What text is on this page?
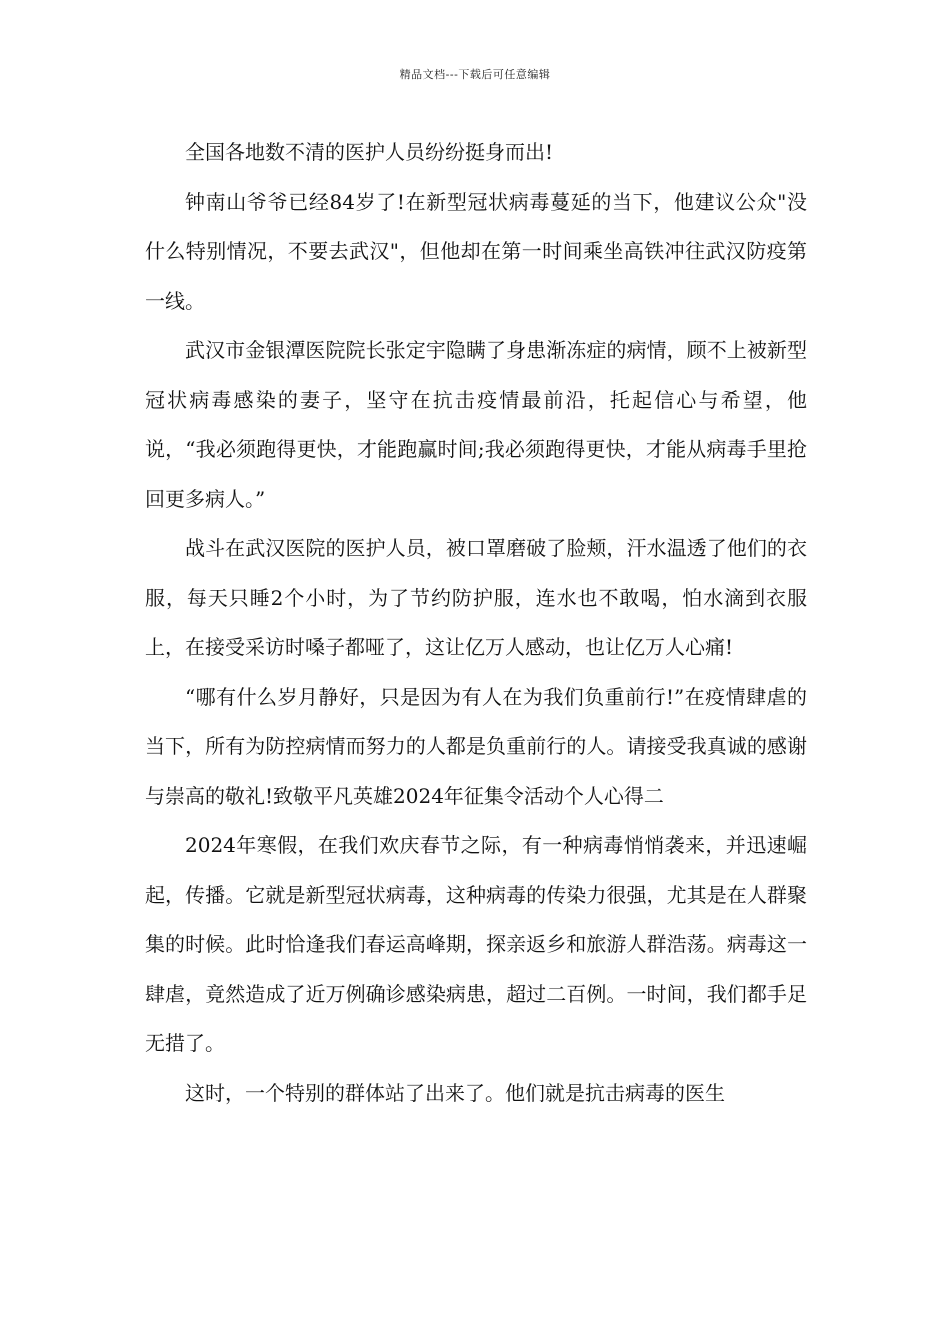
精品文档---下载后可任意编辑

全国各地数不清的医护人员纷纷挺身而出!

钟南山爷爷已经84岁了!在新型冠状病毒蔓延的当下，他建议公众"没什么特别情况，不要去武汉"，但他却在第一时间乘坐高铁冲往武汉防疫第一线。

武汉市金银潭医院院长张定宇隐瞒了身患渐冻症的病情，顾不上被新型冠状病毒感染的妻子，坚守在抗击疫情最前沿，托起信心与希望，他说，“我必须跑得更快，才能跑赢时间;我必须跑得更快，才能从病毒手里抢回更多病人。”

战斗在武汉医院的医护人员，被口罩磨破了脸颊，汗水温透了他们的衣服，每天只睡2个小时，为了节约防护服，连水也不敢喝，怕水滴到衣服上，在接受采访时嗓子都哑了，这让亿万人感动，也让亿万人心痛!

“哪有什么岁月静好，只是因为有人在为我们负重前行!”在疫情肆虐的当下，所有为防控病情而努力的人都是负重前行的人。请接受我真诚的感谢与崇高的敬礼!致敬平凡英雄2024年征集令活动个人心得二

2024年寒假，在我们欢庆春节之际，有一种病毒悄悄袭来，并迅速崛起，传播。它就是新型冠状病毒，这种病毒的传染力很强，尤其是在人群聚集的时候。此时恰逢我们春运高峰期，探亲返乡和旅游人群浩荡。病毒这一肆虐，竟然造成了近万例确诊感染病患，超过二百例。一时间，我们都手足无措了。

这时，一个特别的群体站了出来了。他们就是抗击病毒的医生
